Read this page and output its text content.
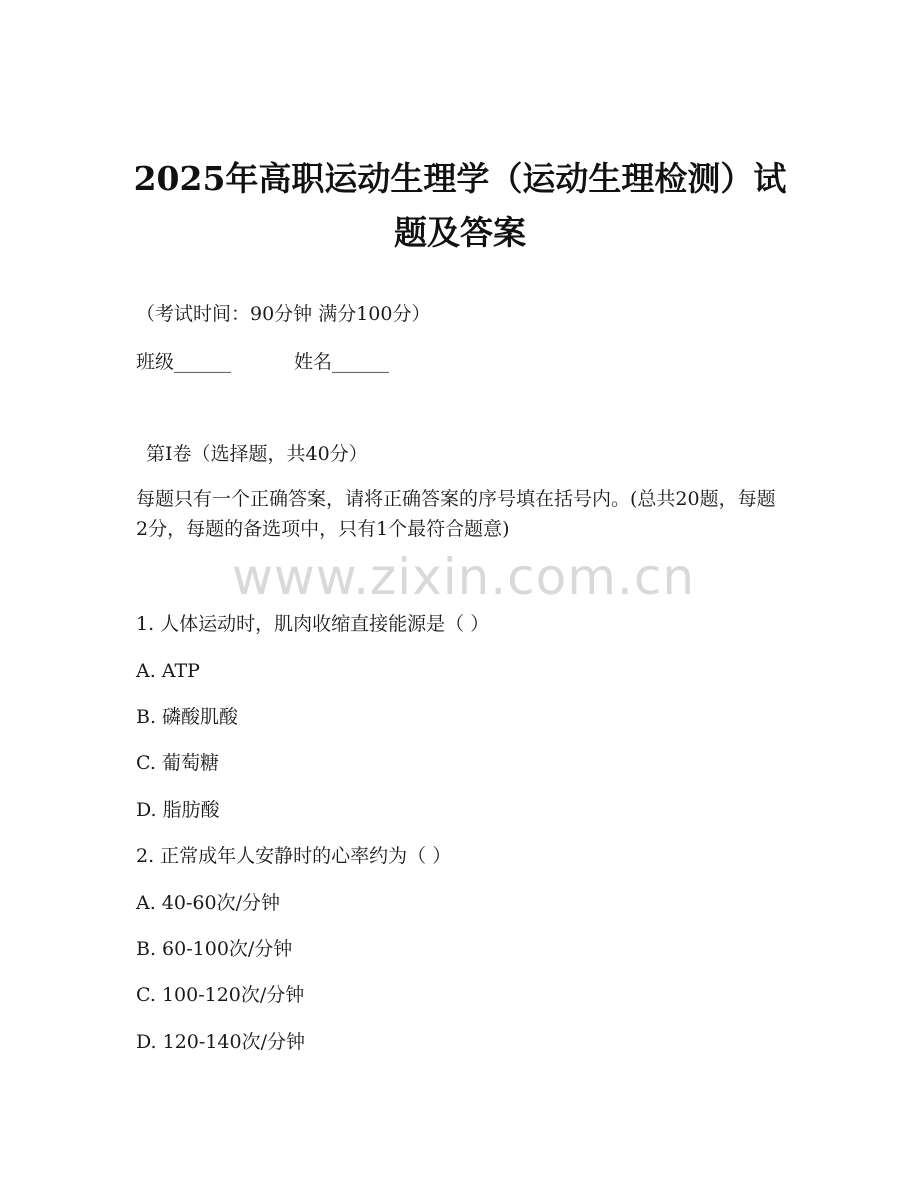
2025年高职运动生理学（运动生理检测）试题及答案
（考试时间：90分钟 满分100分）
班级______	姓名______
第Ⅰ卷（选择题，共40分）
每题只有一个正确答案，请将正确答案的序号填在括号内。(总共20题，每题2分，每题的备选项中，只有1个最符合题意)
www.zixin.com.cn
1. 人体运动时，肌肉收缩直接能源是（ ）
A. ATP
B. 磷酸肌酸
C. 葡萄糖
D. 脂肪酸
2. 正常成年人安静时的心率约为（ ）
A. 40-60次/分钟
B. 60-100次/分钟
C. 100-120次/分钟
D. 120-140次/分钟
